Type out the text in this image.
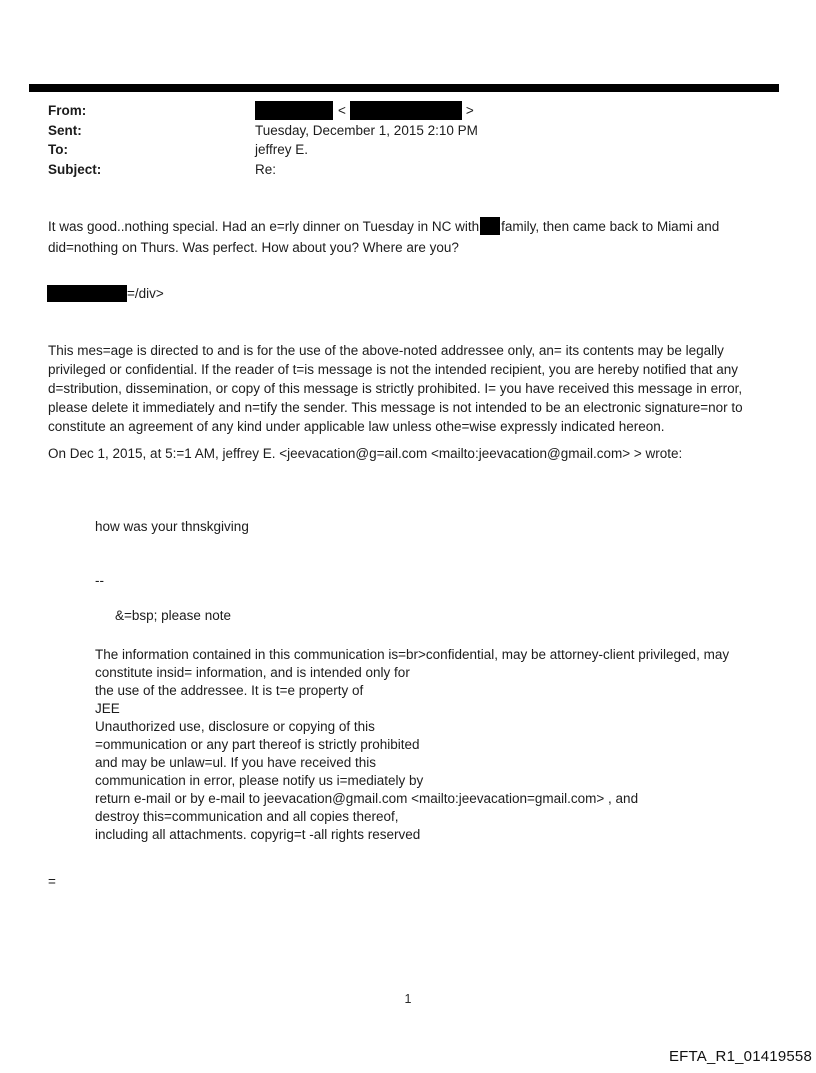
From:	<	>
Sent:	Tuesday, December 1, 2015 2:10 PM
To:	jeffrey E.
Subject:	Re:
It was good..nothing special. Had an e=rly dinner on Tuesday in NC with family, then came back to Miami and
did=nothing on Thurs. Was perfect. How about you? Where are you?
=/div>
This mes=age is directed to and is for the use of the above-noted addressee only, an= its contents may be legally
privileged or confidential. If the reader of t=is message is not the intended recipient, you are hereby notified that any
d=stribution, dissemination, or copy of this message is strictly prohibited. I= you have received this message in error,
please delete it immediately and n=tify the sender. This message is not intended to be an electronic signature=nor to
constitute an agreement of any kind under applicable law unless othe=wise expressly indicated hereon.
On Dec 1, 2015, at 5:=1 AM, jeffrey E. <jeevacation@g=ail.com <mailto:jeevacation@gmail.com> > wrote:
how was your thnskgiving
--
&=bsp; please note
The information contained in this communication is=br>confidential, may be attorney-client privileged, may
constitute insid= information, and is intended only for
the use of the addressee. It is t=e property of
JEE
Unauthorized use, disclosure or copying of this
=ommunication or any part thereof is strictly prohibited
and may be unlaw=ul. If you have received this
communication in error, please notify us i=mediately by
return e-mail or by e-mail to jeevacation@gmail.com <mailto:jeevacation=gmail.com> , and
destroy this=communication and all copies thereof,
including all attachments. copyrig=t -all rights reserved
=
1
EFTA_R1_01419558
